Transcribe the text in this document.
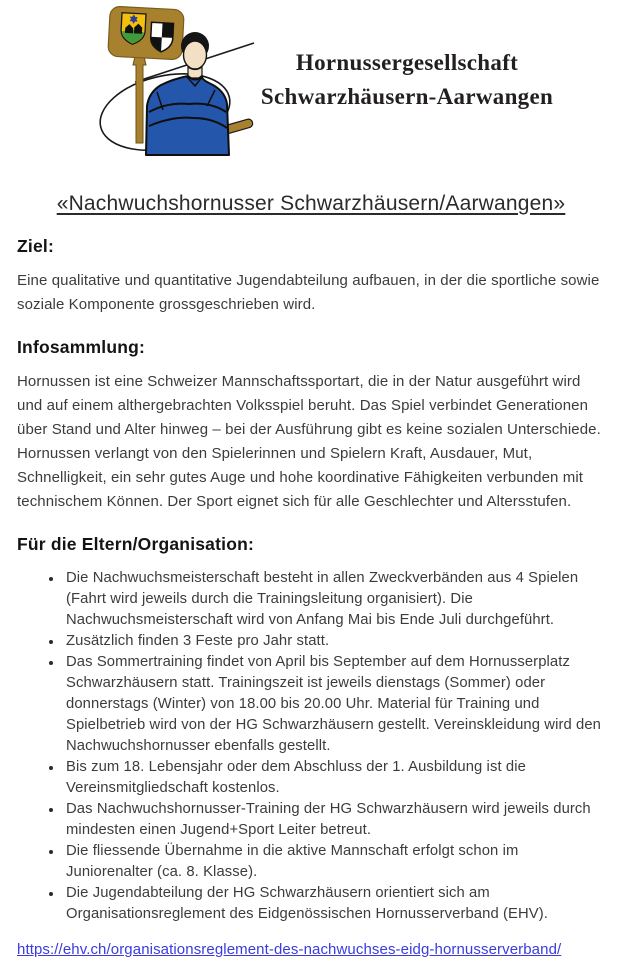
Hornussergesellschaft
Schwarzhäusern-Aarwangen
«Nachwuchshornusser Schwarzhäusern/Aarwangen»
Ziel:

Eine qualitative und quantitative Jugendabteilung aufbauen, in der die sportliche sowie soziale Komponente grossgeschrieben wird.

Infosammlung:

Hornussen ist eine Schweizer Mannschaftssportart, die in der Natur ausgeführt wird und auf einem althergebrachten Volksspiel beruht. Das Spiel verbindet Generationen über Stand und Alter hinweg – bei der Ausführung gibt es keine sozialen Unterschiede. Hornussen verlangt von den Spielerinnen und Spielern Kraft, Ausdauer, Mut, Schnelligkeit, ein sehr gutes Auge und hohe koordinative Fähigkeiten verbunden mit technischem Können. Der Sport eignet sich für alle Geschlechter und Altersstufen.

Für die Eltern/Organisation:
• Die Nachwuchsmeisterschaft besteht in allen Zweckverbänden aus 4 Spielen (Fahrt wird jeweils durch die Trainingsleitung organisiert). Die Nachwuchsmeisterschaft wird von Anfang Mai bis Ende Juli durchgeführt.
• Zusätzlich finden 3 Feste pro Jahr statt.
• Das Sommertraining findet von April bis September auf dem Hornusserplatz Schwarzhäusern statt. Trainingszeit ist jeweils dienstags (Sommer) oder donnerstags (Winter) von 18.00 bis 20.00 Uhr. Material für Training und Spielbetrieb wird von der HG Schwarzhäusern gestellt. Vereinskleidung wird den Nachwuchshornusser ebenfalls gestellt.
• Bis zum 18. Lebensjahr oder dem Abschluss der 1. Ausbildung ist die Vereinsmitgliedschaft kostenlos.
• Das Nachwuchshornusser-Training der HG Schwarzhäusern wird jeweils durch mindesten einen Jugend+Sport Leiter betreut.
• Die fliessende Übernahme in die aktive Mannschaft erfolgt schon im Juniorenalter (ca. 8. Klasse).
• Die Jugendabteilung der HG Schwarzhäusern orientiert sich am Organisationsreglement des Eidgenössischen Hornusserverband (EHV).
https://ehv.ch/organisationsreglement-des-nachwuchses-eidg-hornusserverband/
